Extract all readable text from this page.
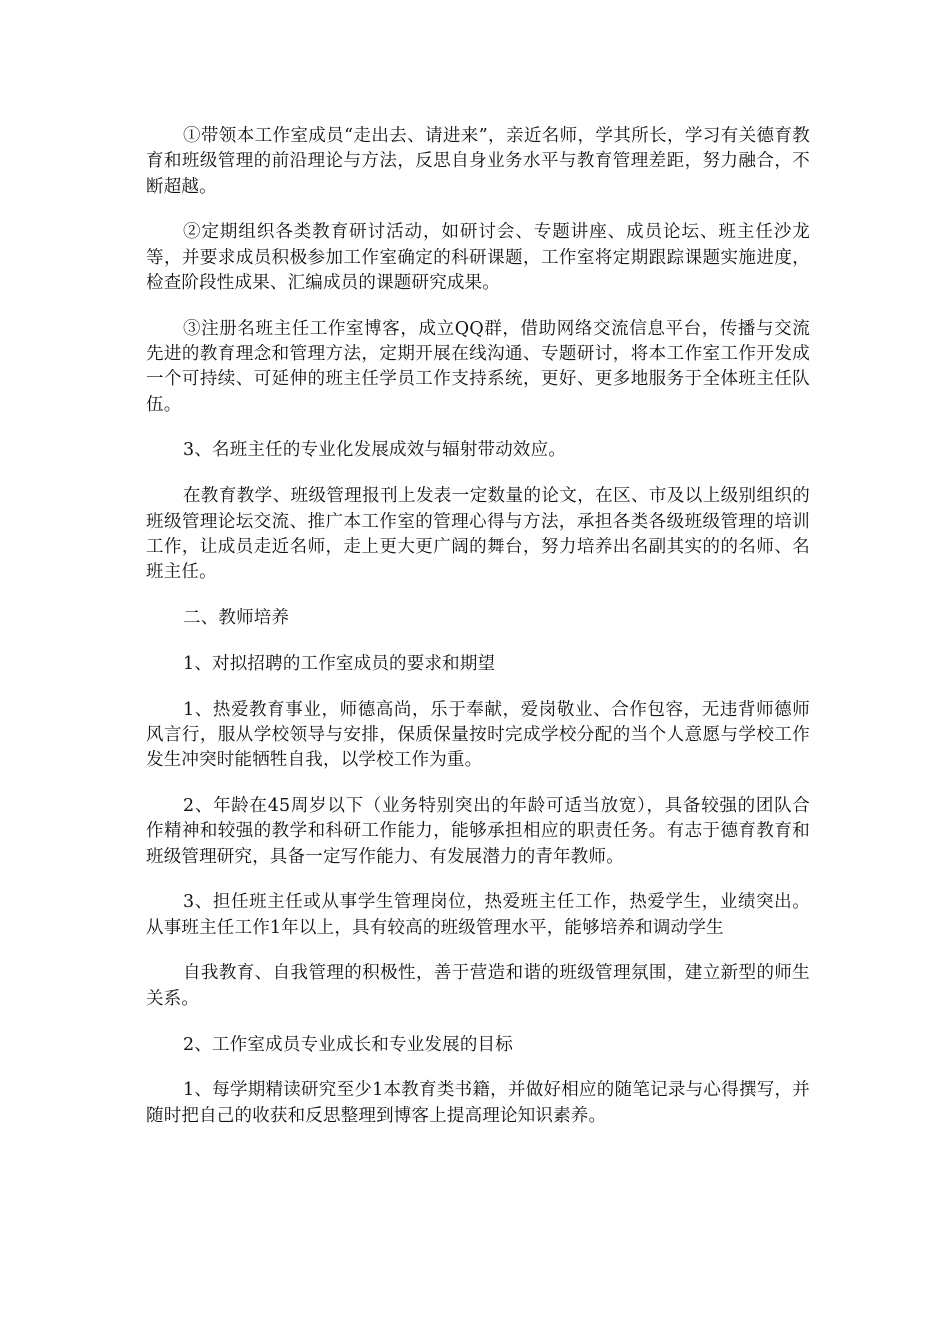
①带领本工作室成员“走出去、请进来”，亲近名师，学其所长，学习有关德育教育和班级管理的前沿理论与方法，反思自身业务水平与教育管理差距，努力融合，不断超越。

②定期组织各类教育研讨活动，如研讨会、专题讲座、成员论坛、班主任沙龙等，并要求成员积极参加工作室确定的科研课题，工作室将定期跟踪课题实施进度，检查阶段性成果、汇编成员的课题研究成果。

③注册名班主任工作室博客，成立QQ群，借助网络交流信息平台，传播与交流先进的教育理念和管理方法，定期开展在线沟通、专题研讨，将本工作室工作开发成一个可持续、可延伸的班主任学员工作支持系统，更好、更多地服务于全体班主任队伍。

3、名班主任的专业化发展成效与辐射带动效应。

在教育教学、班级管理报刊上发表一定数量的论文，在区、市及以上级别组织的班级管理论坛交流、推广本工作室的管理心得与方法，承担各类各级班级管理的培训工作，让成员走近名师，走上更大更广阔的舞台，努力培养出名副其实的的名师、名班主任。

二、教师培养

1、对拟招聘的工作室成员的要求和期望

1、热爱教育事业，师德高尚，乐于奉献，爱岗敬业、合作包容，无违背师德师风言行，服从学校领导与安排，保质保量按时完成学校分配的当个人意愿与学校工作发生冲突时能牺牲自我，以学校工作为重。

2、年龄在45周岁以下（业务特别突出的年龄可适当放宽），具备较强的团队合作精神和较强的教学和科研工作能力，能够承担相应的职责任务。有志于德育教育和班级管理研究，具备一定写作能力、有发展潜力的青年教师。

3、担任班主任或从事学生管理岗位，热爱班主任工作，热爱学生，业绩突出。从事班主任工作1年以上，具有较高的班级管理水平，能够培养和调动学生

自我教育、自我管理的积极性，善于营造和谐的班级管理氛围，建立新型的师生关系。

2、工作室成员专业成长和专业发展的目标

1、每学期精读研究至少1本教育类书籍，并做好相应的随笔记录与心得撰写，并随时把自己的收获和反思整理到博客上提高理论知识素养。
